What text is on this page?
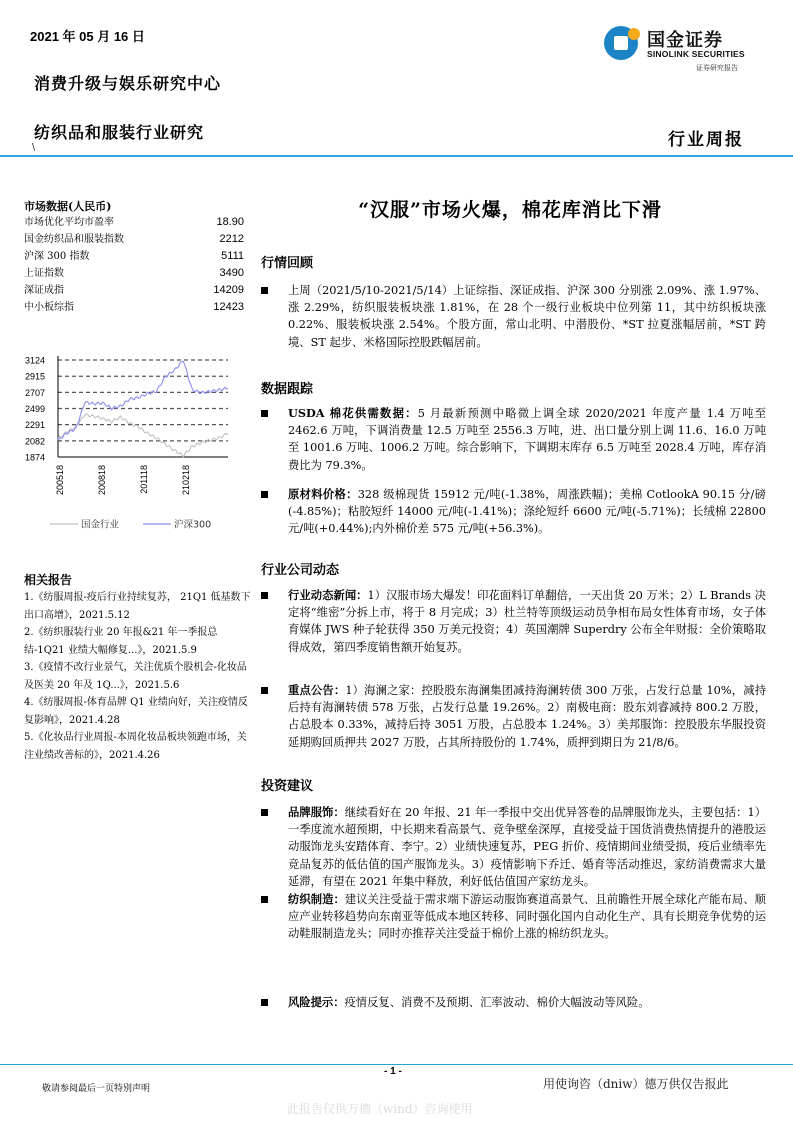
2021 年 05 月 16 日
消费升级与娱乐研究中心
纺织品和服装行业研究
\
国金证券
SINOLINK SECURITIES
证券研究报告
行业周报
市场数据(人民币)
市场优化平均市盈率	18.90
国金纺织品和服装指数	2212
沪深 300 指数	5111
上证指数	3490
深证成指	14209
中小板综指	12423
3124
2915
2707
2499
2291
2082
1874
200518	200818	201118	210218
国金行业	沪深300
相关报告
1.《纺服周报-疫后行业持续复苏， 21Q1 低基数下出口高增》，2021.5.12
2.《纺织服装行业 20 年报&21 年一季报总结-1Q21 业绩大幅修复...》，2021.5.9
3.《疫情不改行业景气，关注优质个股机会-化妆品及医美 20 年及 1Q...》，2021.5.6
4.《纺服周报-体育品牌 Q1 业绩向好，关注疫情反复影响》，2021.4.28
5.《化妆品行业周报-本周化妆品板块领跑市场，关注业绩改善标的》，2021.4.26
“汉服”市场火爆，棉花库消比下滑
行情回顾
上周（2021/5/10-2021/5/14）上证综指、深证成指、沪深 300 分别涨 2.09%、涨 1.97%、涨 2.29%，纺织服装板块涨 1.81%，在 28 个一级行业板块中位列第 11，其中纺织板块涨 0.22%、服装板块涨 2.54%。个股方面，常山北明、中潜股份、*ST 拉夏涨幅居前，*ST 跨境、ST 起步、米格国际控股跌幅居前。
数据跟踪
USDA 棉花供需数据：5 月最新预测中略微上调全球 2020/2021 年度产量 1.4 万吨至 2462.6 万吨，下调消费量 12.5 万吨至 2556.3 万吨，进、出口量分别上调 11.6、16.0 万吨至 1001.6 万吨、1006.2 万吨。综合影响下，下调期末库存 6.5 万吨至 2028.4 万吨，库存消费比为 79.3%。
原材料价格：328 级棉现货 15912 元/吨(-1.38%，周涨跌幅)；美棉 CotlookA 90.15 分/磅(-4.85%)；粘胶短纤 14000 元/吨(-1.41%)；涤纶短纤 6600 元/吨(-5.71%)；长绒棉 22800 元/吨(+0.44%);内外棉价差 575 元/吨(+56.3%)。
行业公司动态
行业动态新闻：1）汉服市场大爆发！印花面料订单翻倍，一天出货 20 万米；2）L Brands 决定将“维密”分拆上市，将于 8 月完成；3）杜兰特等顶级运动员争相布局女性体育市场，女子体育媒体 JWS 种子轮获得 350 万美元投资；4）英国潮牌 Superdry 公布全年财报：全价策略取得成效，第四季度销售额开始复苏。
重点公告：1）海澜之家：控股股东海澜集团减持海澜转债 300 万张，占发行总量 10%，减持后持有海澜转债 578 万张，占发行总量 19.26%。2）南极电商：股东刘睿减持 800.2 万股，占总股本 0.33%，减持后持 3051 万股，占总股本 1.24%。3）美邦服饰：控股股东华服投资延期购回质押共 2027 万股，占其所持股份的 1.74%，质押到期日为 21/8/6。
投资建议
品牌服饰：继续看好在 20 年报、21 年一季报中交出优异答卷的品牌服饰龙头，主要包括：1）一季度流水超预期，中长期来看高景气、竞争壁垒深厚，直接受益于国货消费热情提升的港股运动服饰龙头安踏体育、李宁。2）业绩快速复苏，PEG 折价、疫情期间业绩受损，疫后业绩率先竞品复苏的低估值的国产服饰龙头。3）疫情影响下乔迁、婚育等活动推迟，家纺消费需求大量延滞，有望在 2021 年集中释放，利好低估值国产家纺龙头。
纺织制造：建议关注受益于需求端下游运动服饰赛道高景气、且前瞻性开展全球化产能布局、顺应产业转移趋势向东南亚等低成本地区转移、同时强化国内自动化生产、具有长期竞争优势的运动鞋服制造龙头；同时亦推荐关注受益于棉价上涨的棉纺织龙头。
风险提示：疫情反复、消费不及预期、汇率波动、棉价大幅波动等风险。
- 1 -
敬请参阅最后一页特别声明	用使询咨（dniw）德万供仅告报此
此报告仅供万德（wind）咨询使用
